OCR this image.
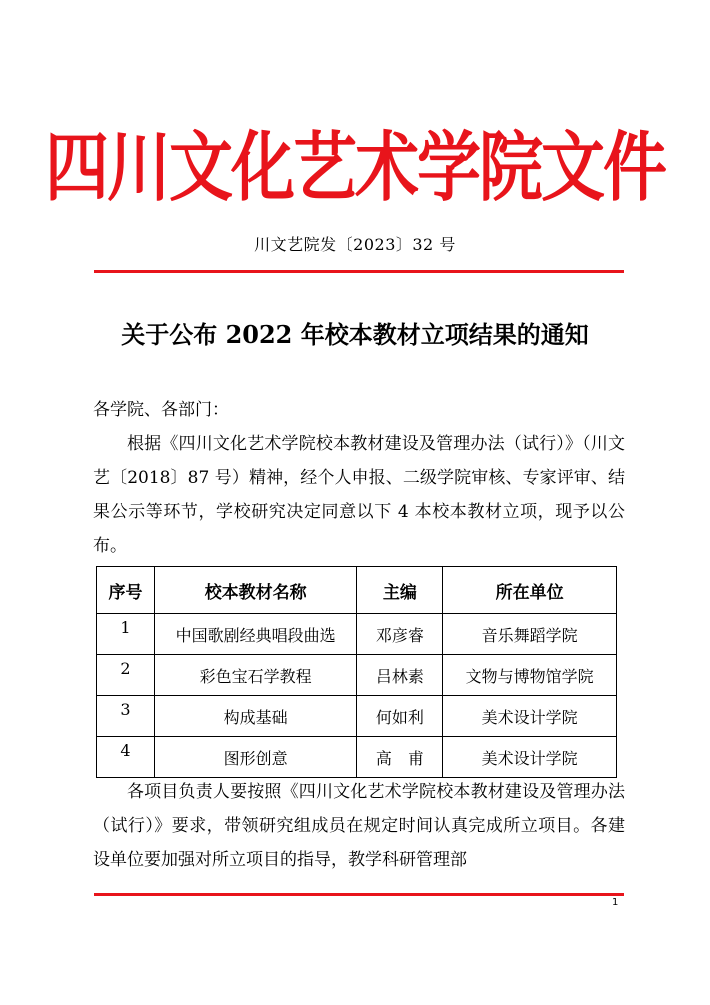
四川文化艺术学院文件
川文艺院发〔2023〕32 号
关于公布 2022 年校本教材立项结果的通知
各学院、各部门：
根据《四川文化艺术学院校本教材建设及管理办法（试行）》（川文艺〔2018〕87 号）精神，经个人申报、二级学院审核、专家评审、结果公示等环节，学校研究决定同意以下 4 本校本教材立项，现予以公布。
序号	校本教材名称	主编	所在单位
1	中国歌剧经典唱段曲选	邓彦睿	音乐舞蹈学院
2	彩色宝石学教程	吕林素	文物与博物馆学院
3	构成基础	何如利	美术设计学院
4	图形创意	高　甫	美术设计学院
各项目负责人要按照《四川文化艺术学院校本教材建设及管理办法（试行）》要求，带领研究组成员在规定时间认真完成所立项目。各建设单位要加强对所立项目的指导，教学科研管理部
1
